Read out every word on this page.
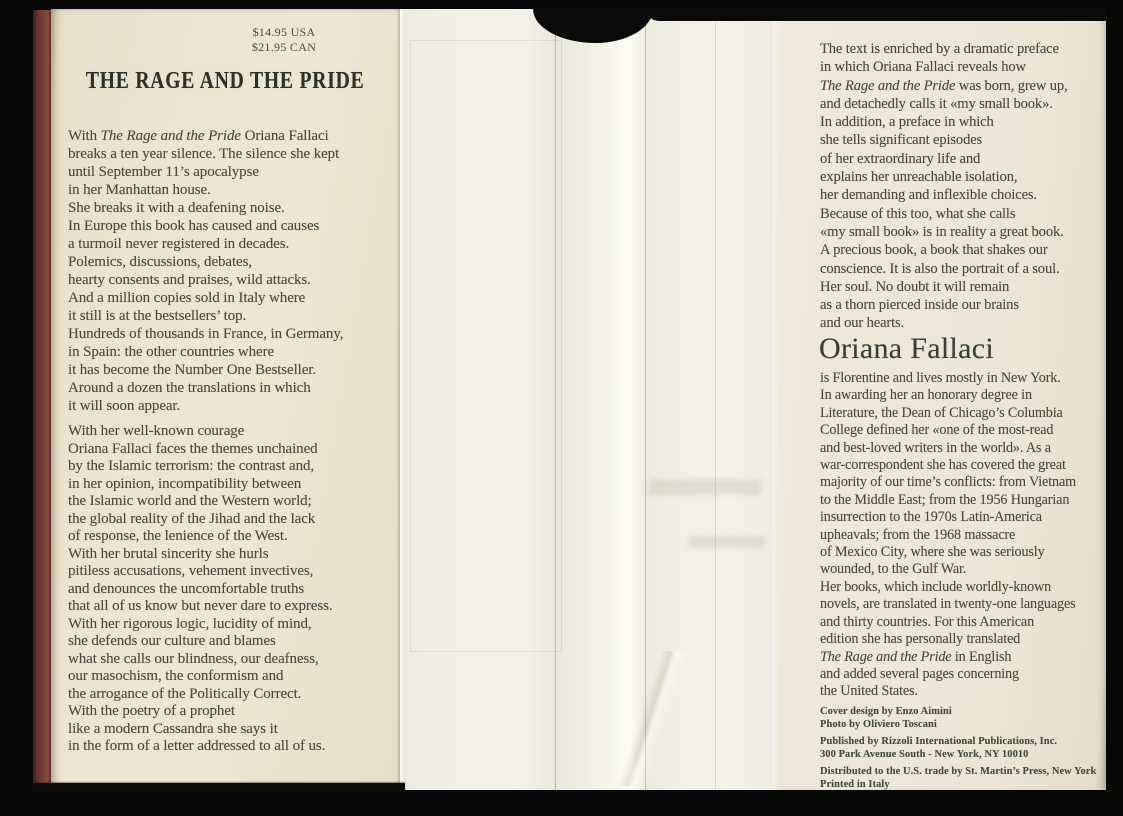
$14.95 USA
$21.95 CAN
THE RAGE AND THE PRIDE
With The Rage and the Pride Oriana Fallaci
breaks a ten year silence. The silence she kept
until September 11’s apocalypse
in her Manhattan house.
She breaks it with a deafening noise.
In Europe this book has caused and causes
a turmoil never registered in decades.
Polemics, discussions, debates,
hearty consents and praises, wild attacks.
And a million copies sold in Italy where
it still is at the bestsellers’ top.
Hundreds of thousands in France, in Germany,
in Spain: the other countries where
it has become the Number One Bestseller.
Around a dozen the translations in which
it will soon appear.
With her well-known courage
Oriana Fallaci faces the themes unchained
by the Islamic terrorism: the contrast and,
in her opinion, incompatibility between
the Islamic world and the Western world;
the global reality of the Jihad and the lack
of response, the lenience of the West.
With her brutal sincerity she hurls
pitiless accusations, vehement invectives,
and denounces the uncomfortable truths
that all of us know but never dare to express.
With her rigorous logic, lucidity of mind,
she defends our culture and blames
what she calls our blindness, our deafness,
our masochism, the conformism and
the arrogance of the Politically Correct.
With the poetry of a prophet
like a modern Cassandra she says it
in the form of a letter addressed to all of us.
The text is enriched by a dramatic preface
in which Oriana Fallaci reveals how
The Rage and the Pride was born, grew up,
and detachedly calls it «my small book».
In addition, a preface in which
she tells significant episodes
of her extraordinary life and
explains her unreachable isolation,
her demanding and inflexible choices.
Because of this too, what she calls
«my small book» is in reality a great book.
A precious book, a book that shakes our
conscience. It is also the portrait of a soul.
Her soul. No doubt it will remain
as a thorn pierced inside our brains
and our hearts.
Oriana Fallaci
is Florentine and lives mostly in New York.
In awarding her an honorary degree in
Literature, the Dean of Chicago’s Columbia
College defined her «one of the most-read
and best-loved writers in the world». As a
war-correspondent she has covered the great
majority of our time’s conflicts: from Vietnam
to the Middle East; from the 1956 Hungarian
insurrection to the 1970s Latin-America
upheavals; from the 1968 massacre
of Mexico City, where she was seriously
wounded, to the Gulf War.
Her books, which include worldly-known
novels, are translated in twenty-one languages
and thirty countries. For this American
edition she has personally translated
The Rage and the Pride in English
and added several pages concerning
the United States.
Cover design by Enzo Aimini
Photo by Oliviero Toscani
Published by Rizzoli International Publications, Inc.
300 Park Avenue South - New York, NY 10010
Distributed to the U.S. trade by St. Martin’s Press, New York
Printed in Italy
